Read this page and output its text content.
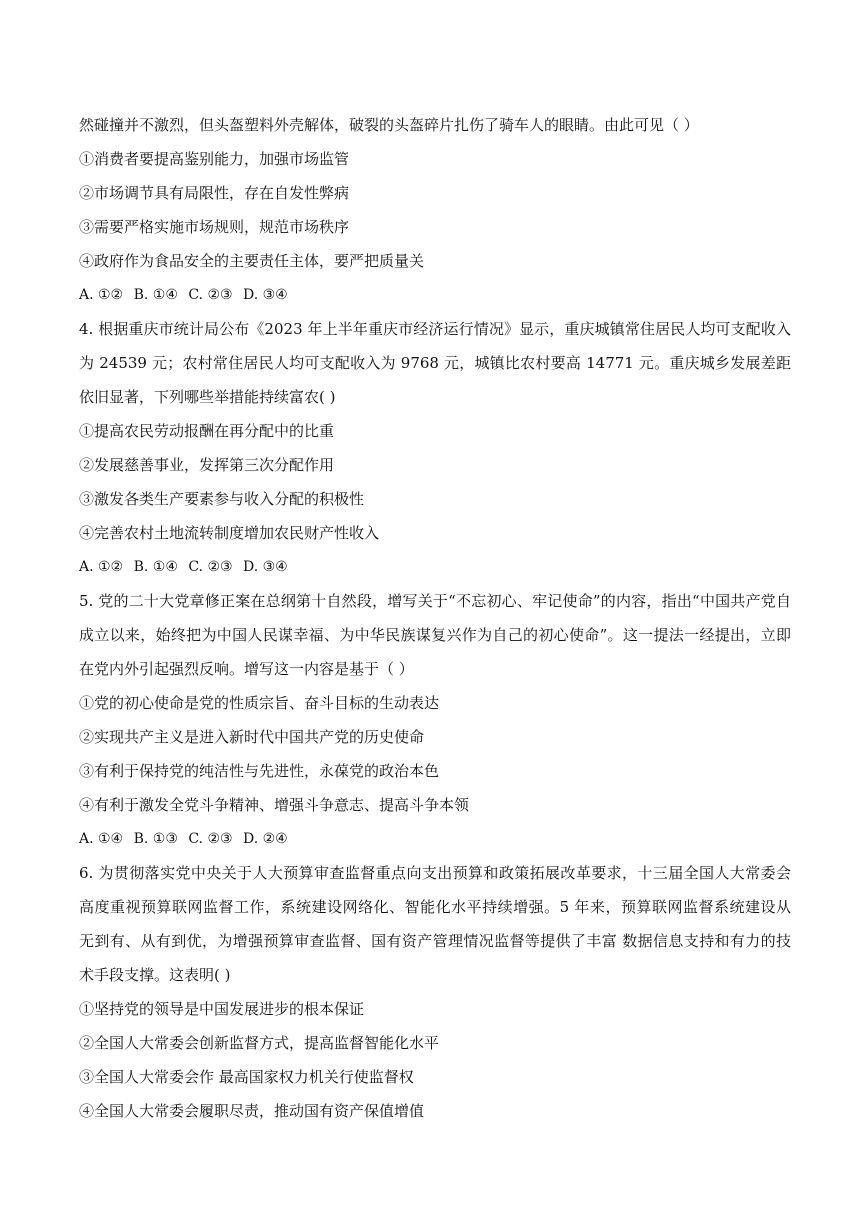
然碰撞并不激烈，但头盔塑料外壳解体，破裂的头盔碎片扎伤了骑车人的眼睛。由此可见（ ）
①消费者要提高鉴别能力，加强市场监管
②市场调节具有局限性，存在自发性弊病
③需要严格实施市场规则，规范市场秩序
④政府作为食品安全的主要责任主体，要严把质量关
A. ①② B. ①④ C. ②③ D. ③④
4. 根据重庆市统计局公布《2023 年上半年重庆市经济运行情况》显示，重庆城镇常住居民人均可支配收入
为 24539 元；农村常住居民人均可支配收入为 9768 元，城镇比农村要高 14771 元。重庆城乡发展差距
依旧显著，下列哪些举措能持续富农( )
①提高农民劳动报酬在再分配中的比重
②发展慈善事业，发挥第三次分配作用
③激发各类生产要素参与收入分配的积极性
④完善农村土地流转制度增加农民财产性收入
A. ①② B. ①④ C. ②③ D. ③④
5. 党的二十大党章修正案在总纲第十自然段，增写关于“不忘初心、牢记使命”的内容，指出“中国共产党自
成立以来，始终把为中国人民谋幸福、为中华民族谋复兴作为自己的初心使命”。这一提法一经提出，立即
在党内外引起强烈反响。增写这一内容是基于（ ）
①党的初心使命是党的性质宗旨、奋斗目标的生动表达
②实现共产主义是进入新时代中国共产党的历史使命
③有利于保持党的纯洁性与先进性，永葆党的政治本色
④有利于激发全党斗争精神、增强斗争意志、提高斗争本领
A. ①④ B. ①③ C. ②③ D. ②④
6. 为贯彻落实党中央关于人大预算审查监督重点向支出预算和政策拓展改革要求，十三届全国人大常委会
高度重视预算联网监督工作，系统建设网络化、智能化水平持续增强。5 年来，预算联网监督系统建设从
无到有、从有到优，为增强预算审查监督、国有资产管理情况监督等提供了丰富 数据信息支持和有力的技
术手段支撑。这表明( )
①坚持党的领导是中国发展进步的根本保证
②全国人大常委会创新监督方式，提高监督智能化水平
③全国人大常委会作 最高国家权力机关行使监督权
④全国人大常委会履职尽责，推动国有资产保值增值
